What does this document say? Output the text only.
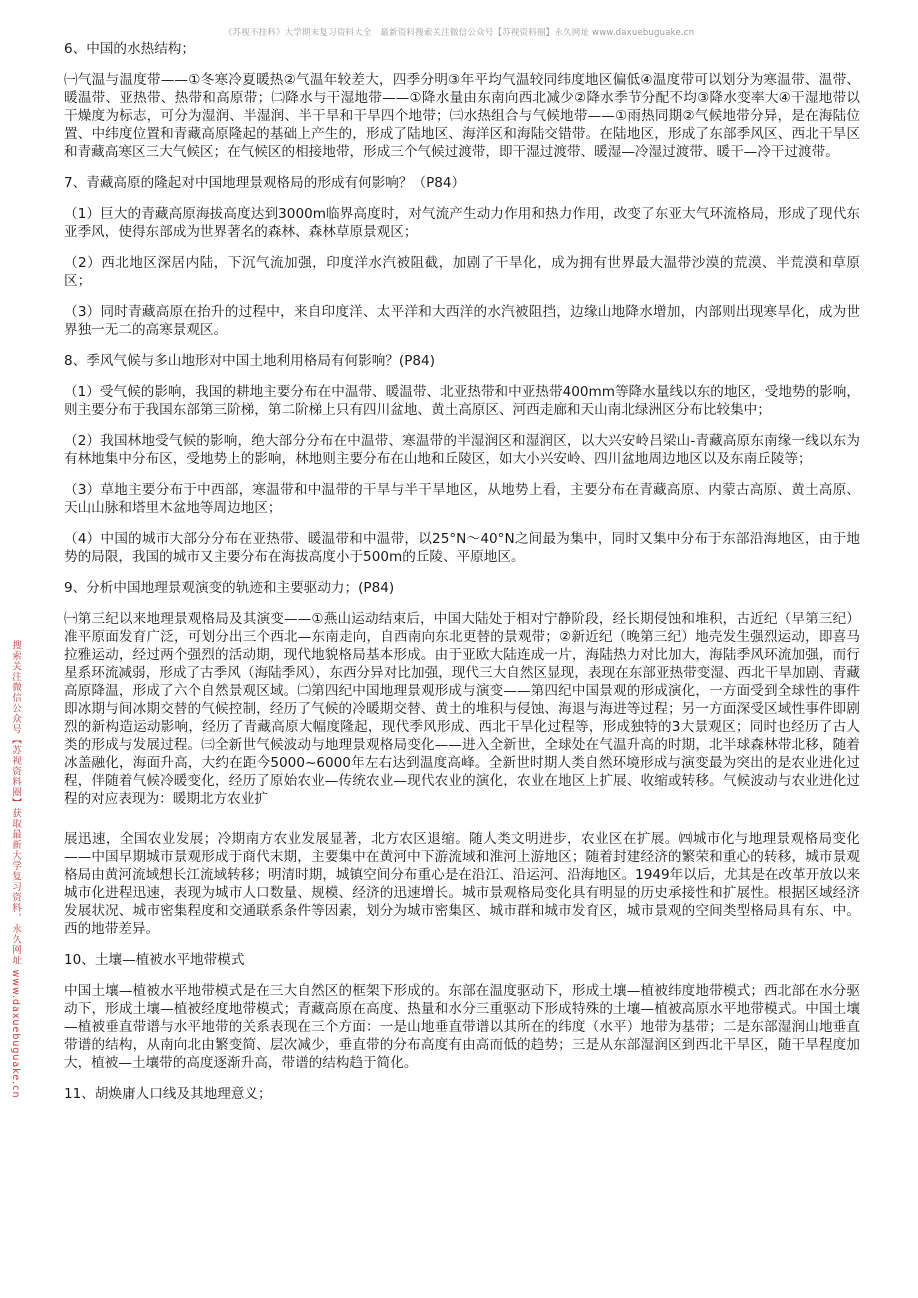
《苏视不挂科》大学期末复习资料大全　最新资料搜索关注微信公众号【苏视资料圈】永久网址 www.daxuebuguake.cn
搜索关注微信公众号【苏视资料圈】获取最新大学复习资料，永久网址 www.daxuebuguake.cn

6、中国的水热结构；

㈠气温与温度带——①冬寒冷夏暖热②气温年较差大，四季分明③年平均气温较同纬度地区偏低④温度带可以划分为寒温带、温带、暖温带、亚热带、热带和高原带；㈡降水与干湿地带——①降水量由东南向西北减少②降水季节分配不均③降水变率大④干湿地带以干燥度为标志，可分为湿润、半湿润、半干旱和干旱四个地带；㈢水热组合与气候地带——①雨热同期②气候地带分异，是在海陆位置、中纬度位置和青藏高原隆起的基础上产生的，形成了陆地区、海洋区和海陆交错带。在陆地区，形成了东部季风区、西北干旱区和青藏高寒区三大气候区；在气候区的相接地带，形成三个气候过渡带，即干湿过渡带、暖湿—冷湿过渡带、暖干—冷干过渡带。

7、青藏高原的隆起对中国地理景观格局的形成有何影响？（P84）

（1）巨大的青藏高原海拔高度达到3000m临界高度时，对气流产生动力作用和热力作用，改变了东亚大气环流格局，形成了现代东亚季风，使得东部成为世界著名的森林、森林草原景观区；

（2）西北地区深居内陆，下沉气流加强，印度洋水汽被阻截，加剧了干旱化，成为拥有世界最大温带沙漠的荒漠、半荒漠和草原区；

（3）同时青藏高原在抬升的过程中，来自印度洋、太平洋和大西洋的水汽被阻挡，边缘山地降水增加，内部则出现寒旱化，成为世界独一无二的高寒景观区。

8、季风气候与多山地形对中国土地利用格局有何影响？(P84)

（1）受气候的影响，我国的耕地主要分布在中温带、暖温带、北亚热带和中亚热带400mm等降水量线以东的地区，受地势的影响，则主要分布于我国东部第三阶梯，第二阶梯上只有四川盆地、黄土高原区、河西走廊和天山南北绿洲区分布比较集中；

（2）我国林地受气候的影响，绝大部分分布在中温带、寒温带的半湿润区和湿润区，以大兴安岭吕梁山-青藏高原东南缘一线以东为有林地集中分布区，受地势上的影响，林地则主要分布在山地和丘陵区，如大小兴安岭、四川盆地周边地区以及东南丘陵等；

（3）草地主要分布于中西部，寒温带和中温带的干旱与半干旱地区，从地势上看，主要分布在青藏高原、内蒙古高原、黄土高原、天山山脉和塔里木盆地等周边地区；

（4）中国的城市大部分分布在亚热带、暖温带和中温带，以25°N～40°N之间最为集中，同时又集中分布于东部沿海地区，由于地势的局限，我国的城市又主要分布在海拔高度小于500m的丘陵、平原地区。

9、分析中国地理景观演变的轨迹和主要驱动力；(P84)

㈠第三纪以来地理景观格局及其演变——①燕山运动结束后，中国大陆处于相对宁静阶段，经长期侵蚀和堆积，古近纪（早第三纪）准平原面发育广泛，可划分出三个西北—东南走向，自西南向东北更替的景观带；②新近纪（晚第三纪）地壳发生强烈运动，即喜马拉雅运动，经过两个强烈的活动期，现代地貌格局基本形成。由于亚欧大陆连成一片，海陆热力对比加大，海陆季风环流加强，而行星系环流减弱，形成了古季风（海陆季风），东西分异对比加强，现代三大自然区显现，表现在东部亚热带变湿、西北干旱加剧、青藏高原降温，形成了六个自然景观区域。㈡第四纪中国地理景观形成与演变——第四纪中国景观的形成演化，一方面受到全球性的事件即冰期与间冰期交替的气候控制，经历了气候的冷暖期交替、黄土的堆积与侵蚀、海退与海进等过程；另一方面深受区域性事件即剧烈的新构造运动影响，经历了青藏高原大幅度隆起，现代季风形成、西北干旱化过程等，形成独特的3大景观区；同时也经历了古人类的形成与发展过程。㈢全新世气候波动与地理景观格局变化——进入全新世，全球处在气温升高的时期，北半球森林带北移，随着冰盖融化，海面升高，大约在距今5000~6000年左右达到温度高峰。全新世时期人类自然环境形成与演变最为突出的是农业进化过程，伴随着气候冷暖变化，经历了原始农业—传统农业—现代农业的演化，农业在地区上扩展、收缩或转移。气候波动与农业进化过程的对应表现为：暖期北方农业扩

展迅速，全国农业发展；冷期南方农业发展显著，北方农区退缩。随人类文明进步，农业区在扩展。㈣城市化与地理景观格局变化——中国早期城市景观形成于商代末期，主要集中在黄河中下游流域和淮河上游地区；随着封建经济的繁荣和重心的转移，城市景观格局由黄河流域想长江流域转移；明清时期，城镇空间分布重心是在沿江、沿运河、沿海地区。1949年以后，尤其是在改革开放以来城市化进程迅速，表现为城市人口数量、规模、经济的迅速增长。城市景观格局变化具有明显的历史承接性和扩展性。根据区域经济发展状况、城市密集程度和交通联系条件等因素，划分为城市密集区、城市群和城市发育区，城市景观的空间类型格局具有东、中。西的地带差异。

10、土壤—植被水平地带模式

中国土壤—植被水平地带模式是在三大自然区的框架下形成的。东部在温度驱动下，形成土壤—植被纬度地带模式；西北部在水分驱动下，形成土壤—植被经度地带模式；青藏高原在高度、热量和水分三重驱动下形成特殊的土壤—植被高原水平地带模式。中国土壤—植被垂直带谱与水平地带的关系表现在三个方面：一是山地垂直带谱以其所在的纬度（水平）地带为基带；二是东部湿润山地垂直带谱的结构，从南向北由繁变简、层次减少，垂直带的分布高度有由高而低的趋势；三是从东部湿润区到西北干旱区，随干旱程度加大，植被—土壤带的高度逐渐升高，带谱的结构趋于简化。

11、胡焕庸人口线及其地理意义；
